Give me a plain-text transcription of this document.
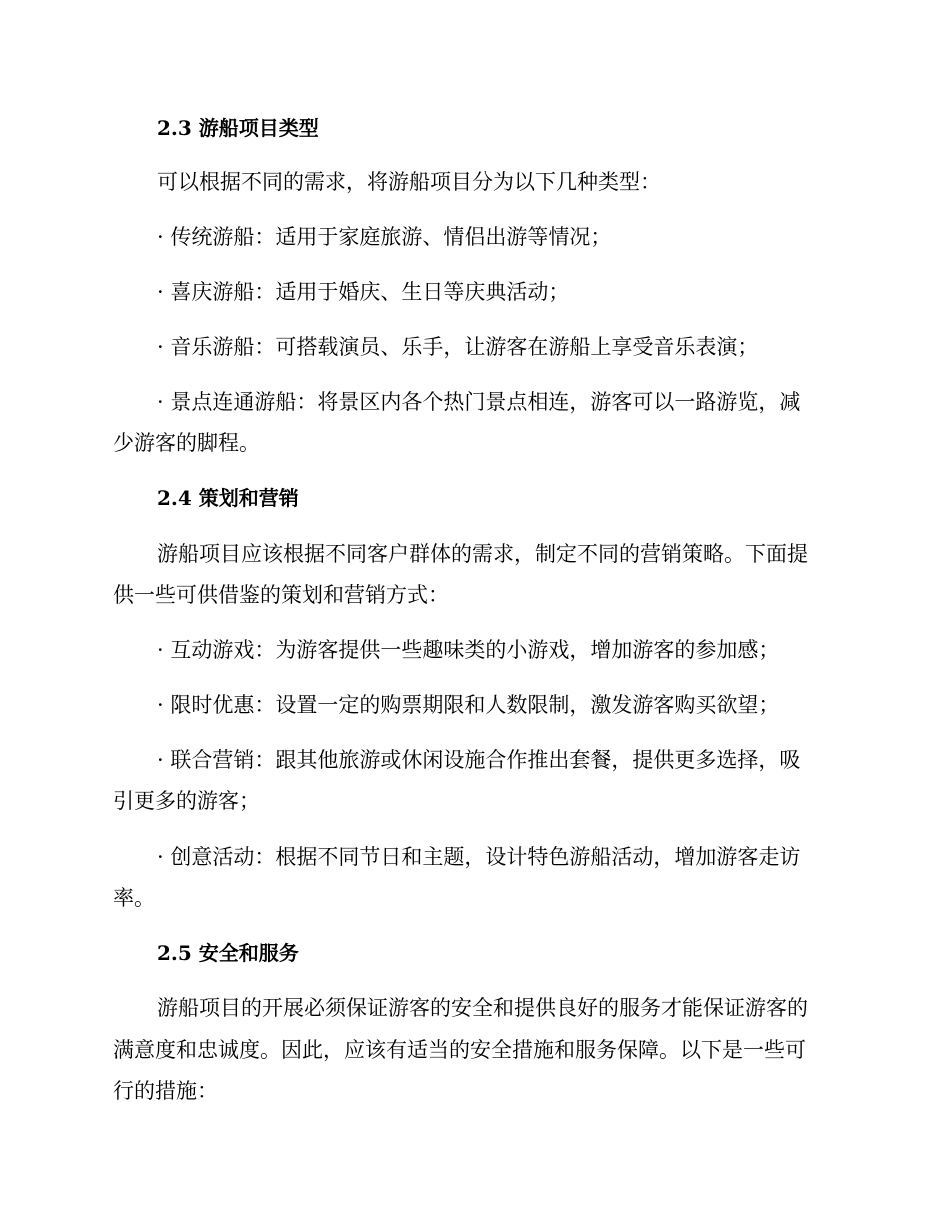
2.3 游船项目类型
可以根据不同的需求，将游船项目分为以下几种类型：
· 传统游船：适用于家庭旅游、情侣出游等情况；
· 喜庆游船：适用于婚庆、生日等庆典活动；
· 音乐游船：可搭载演员、乐手，让游客在游船上享受音乐表演；
· 景点连通游船：将景区内各个热门景点相连，游客可以一路游览，减
少游客的脚程。
2.4 策划和营销
游船项目应该根据不同客户群体的需求，制定不同的营销策略。下面提
供一些可供借鉴的策划和营销方式：
· 互动游戏：为游客提供一些趣味类的小游戏，增加游客的参加感；
· 限时优惠：设置一定的购票期限和人数限制，激发游客购买欲望；
· 联合营销：跟其他旅游或休闲设施合作推出套餐，提供更多选择，吸
引更多的游客；
· 创意活动：根据不同节日和主题，设计特色游船活动，增加游客走访
率。
2.5 安全和服务
游船项目的开展必须保证游客的安全和提供良好的服务才能保证游客的
满意度和忠诚度。因此，应该有适当的安全措施和服务保障。以下是一些可
行的措施：
